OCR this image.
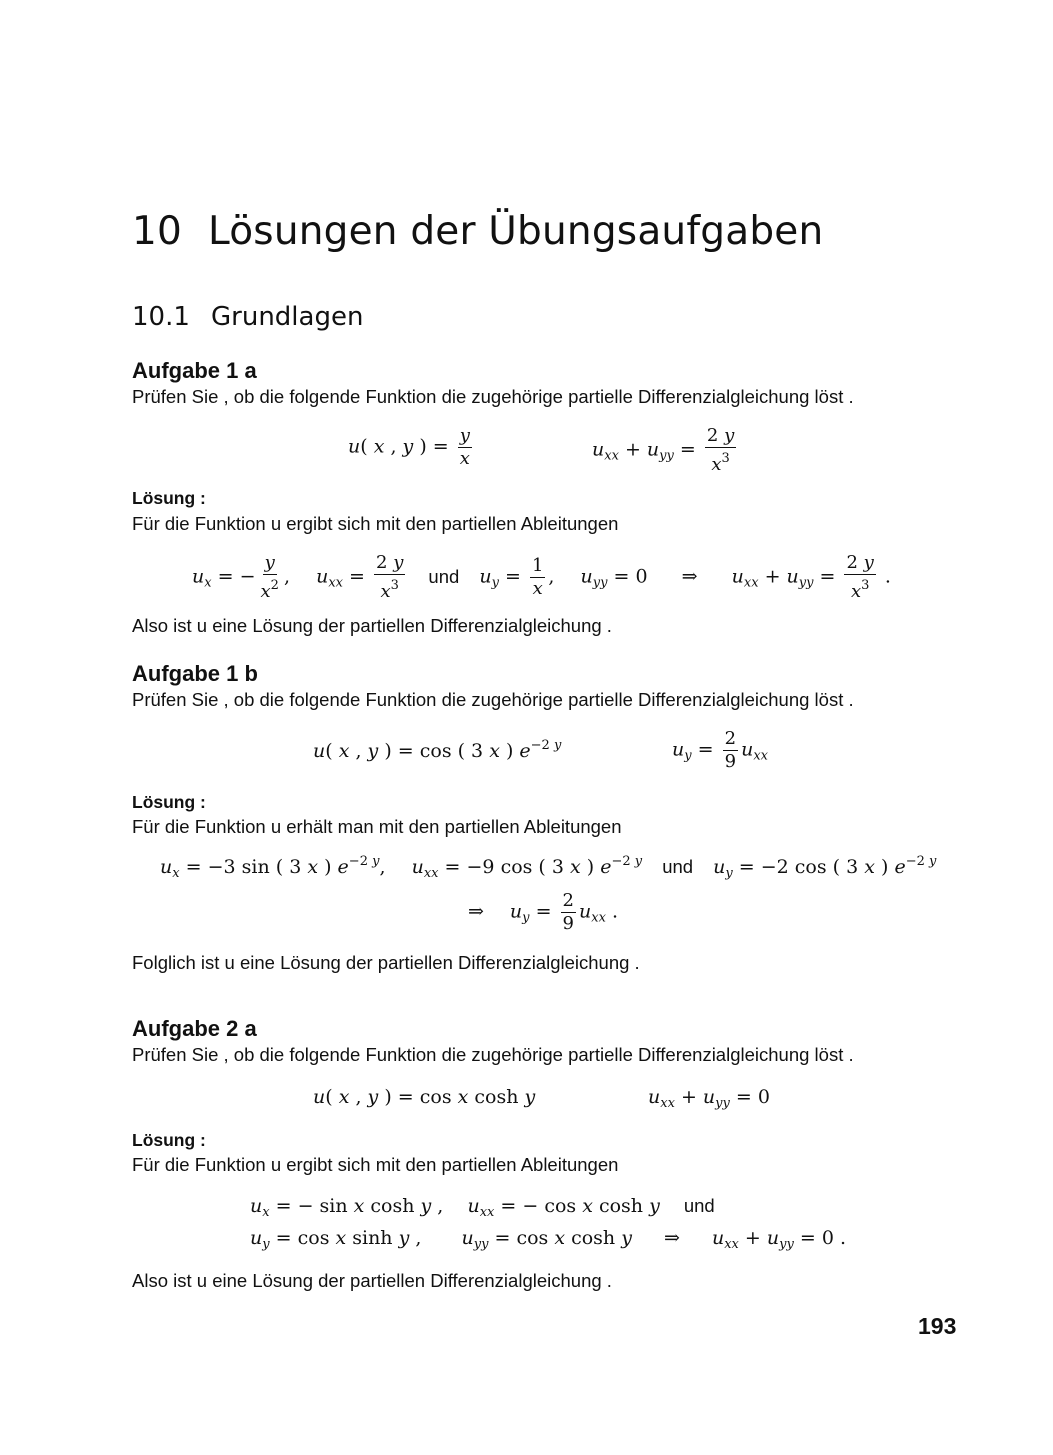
10 Lösungen der Übungsaufgaben
10.1 Grundlagen
Aufgabe 1 a
Prüfen Sie , ob die folgende Funktion die zugehörige partielle Differenzialgleichung löst .
u( x , y ) = $\frac{y}{x}$	$u_{xx} + u_{yy} = \frac{2 y}{x^3}$
Lösung :
Für die Funktion u ergibt sich mit den partiellen Ableitungen
$u_x$ = − $\frac{y}{x^2}$ ,  $u_{xx} = \frac{2 y}{x^3}$ und $u_y = \frac{1}{x}$ ,  $u_{yy} = 0$ ⇒ $u_{xx} + u_{yy} = \frac{2 y}{x^3}$ .
Also ist u eine Lösung der partiellen Differenzialgleichung .
Aufgabe 1 b
Prüfen Sie , ob die folgende Funktion die zugehörige partielle Differenzialgleichung löst .
u( x , y ) = cos ( 3 x ) $e^{-2 y}$	$u_y = \frac{2}{9} u_{xx}$
Lösung :
Für die Funktion u erhält man mit den partiellen Ableitungen
$u_x = -3$ sin ( 3 x ) $e^{-2 y}$,  $u_{xx} = -9$ cos ( 3 x ) $e^{-2 y}$ und $u_y = -2$ cos ( 3 x ) $e^{-2 y}$
⇒ $u_y = \frac{2}{9} u_{xx}$ .
Folglich ist u eine Lösung der partiellen Differenzialgleichung .
Aufgabe 2 a
Prüfen Sie , ob die folgende Funktion die zugehörige partielle Differenzialgleichung löst .
u( x , y ) = cos x cosh y	$u_{xx} + u_{yy} = 0$
Lösung :
Für die Funktion u ergibt sich mit den partiellen Ableitungen
$u_x$ = − sin x cosh y ,  $u_{xx}$ = − cos x cosh y und
$u_y = \cos x$ sinh y ,  $u_{yy} = \cos x$ cosh y ⇒ $u_{xx} + u_{yy} = 0$ .
Also ist u eine Lösung der partiellen Differenzialgleichung .
193
